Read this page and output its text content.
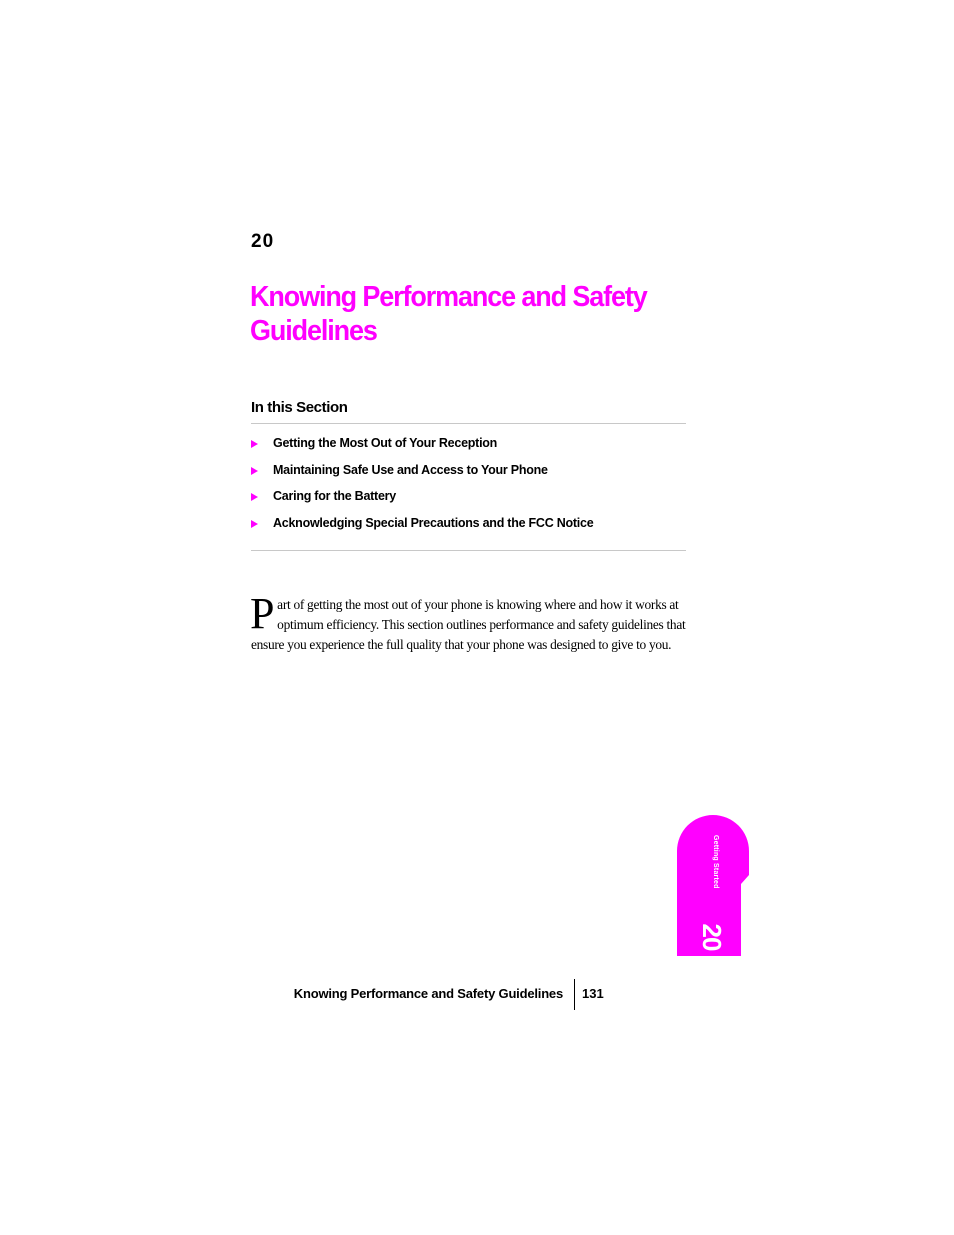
20
Knowing Performance and Safety Guidelines
In this Section
Getting the Most Out of Your Reception
Maintaining Safe Use and Access to Your Phone
Caring for the Battery
Acknowledging Special Precautions and the FCC Notice
P art of getting the most out of your phone is knowing where and how it works at optimum efficiency. This section outlines performance and safety guidelines that ensure you experience the full quality that your phone was designed to give to you.
Getting Started
20
Knowing Performance and Safety Guidelines 131
